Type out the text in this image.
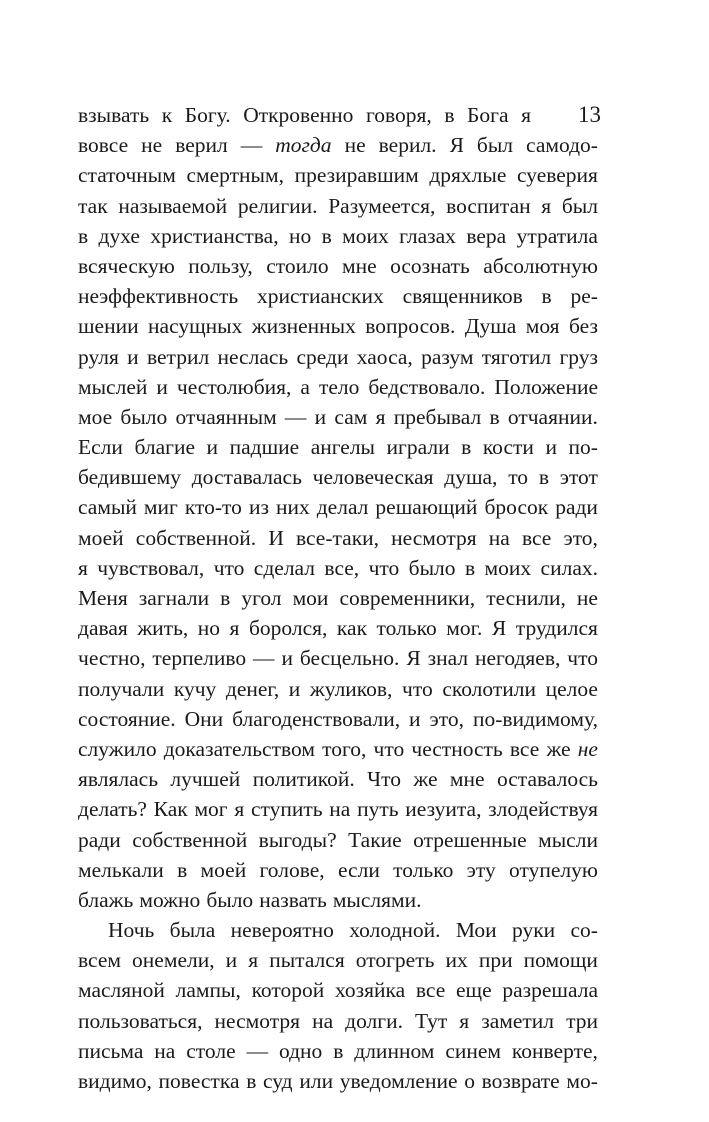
13
взывать к Богу. Откровенно говоря, в Бога я
вовсе не верил — тогда не верил. Я был самодо-
статочным смертным, презиравшим дряхлые суеверия
так называемой религии. Разумеется, воспитан я был
в духе христианства, но в моих глазах вера утратила
всяческую пользу, стоило мне осознать абсолютную
неэффективность христианских священников в ре-
шении насущных жизненных вопросов. Душа моя без
руля и ветрил неслась среди хаоса, разум тяготил груз
мыслей и честолюбия, а тело бедствовало. Положение
мое было отчаянным — и сам я пребывал в отчаянии.
Если благие и падшие ангелы играли в кости и по-
бедившему доставалась человеческая душа, то в этот
самый миг кто-то из них делал решающий бросок ради
моей собственной. И все-таки, несмотря на все это,
я чувствовал, что сделал все, что было в моих силах.
Меня загнали в угол мои современники, теснили, не
давая жить, но я боролся, как только мог. Я трудился
честно, терпеливо — и бесцельно. Я знал негодяев, что
получали кучу денег, и жуликов, что сколотили целое
состояние. Они благоденствовали, и это, по-видимому,
служило доказательством того, что честность все же не
являлась лучшей политикой. Что же мне оставалось
делать? Как мог я ступить на путь иезуита, злодействуя
ради собственной выгоды? Такие отрешенные мысли
мелькали в моей голове, если только эту отупелую
блажь можно было назвать мыслями.
Ночь была невероятно холодной. Мои руки со-
всем онемели, и я пытался отогреть их при помощи
масляной лампы, которой хозяйка все еще разрешала
пользоваться, несмотря на долги. Тут я заметил три
письма на столе — одно в длинном синем конверте,
видимо, повестка в суд или уведомление о возврате мо-
